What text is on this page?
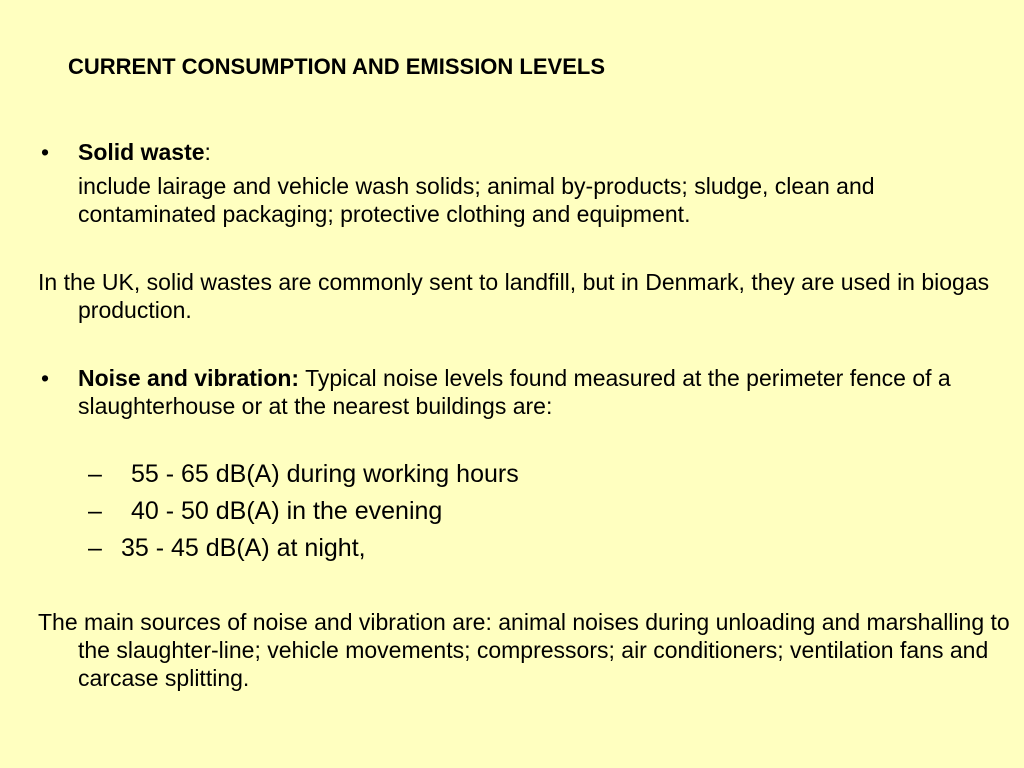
CURRENT CONSUMPTION AND EMISSION LEVELS
• Solid waste:
include lairage and vehicle wash solids; animal by-products; sludge, clean and contaminated packaging; protective clothing and equipment.
In the UK, solid wastes are commonly sent to landfill, but in Denmark, they are used in biogas production.
• Noise and vibration: Typical noise levels found measured at the perimeter fence of a slaughterhouse or at the nearest buildings are:
– 55 - 65 dB(A) during working hours
– 40 - 50 dB(A) in the evening
– 35 - 45 dB(A) at night,
The main sources of noise and vibration are: animal noises during unloading and marshalling to the slaughter-line; vehicle movements; compressors; air conditioners; ventilation fans and carcase splitting.
